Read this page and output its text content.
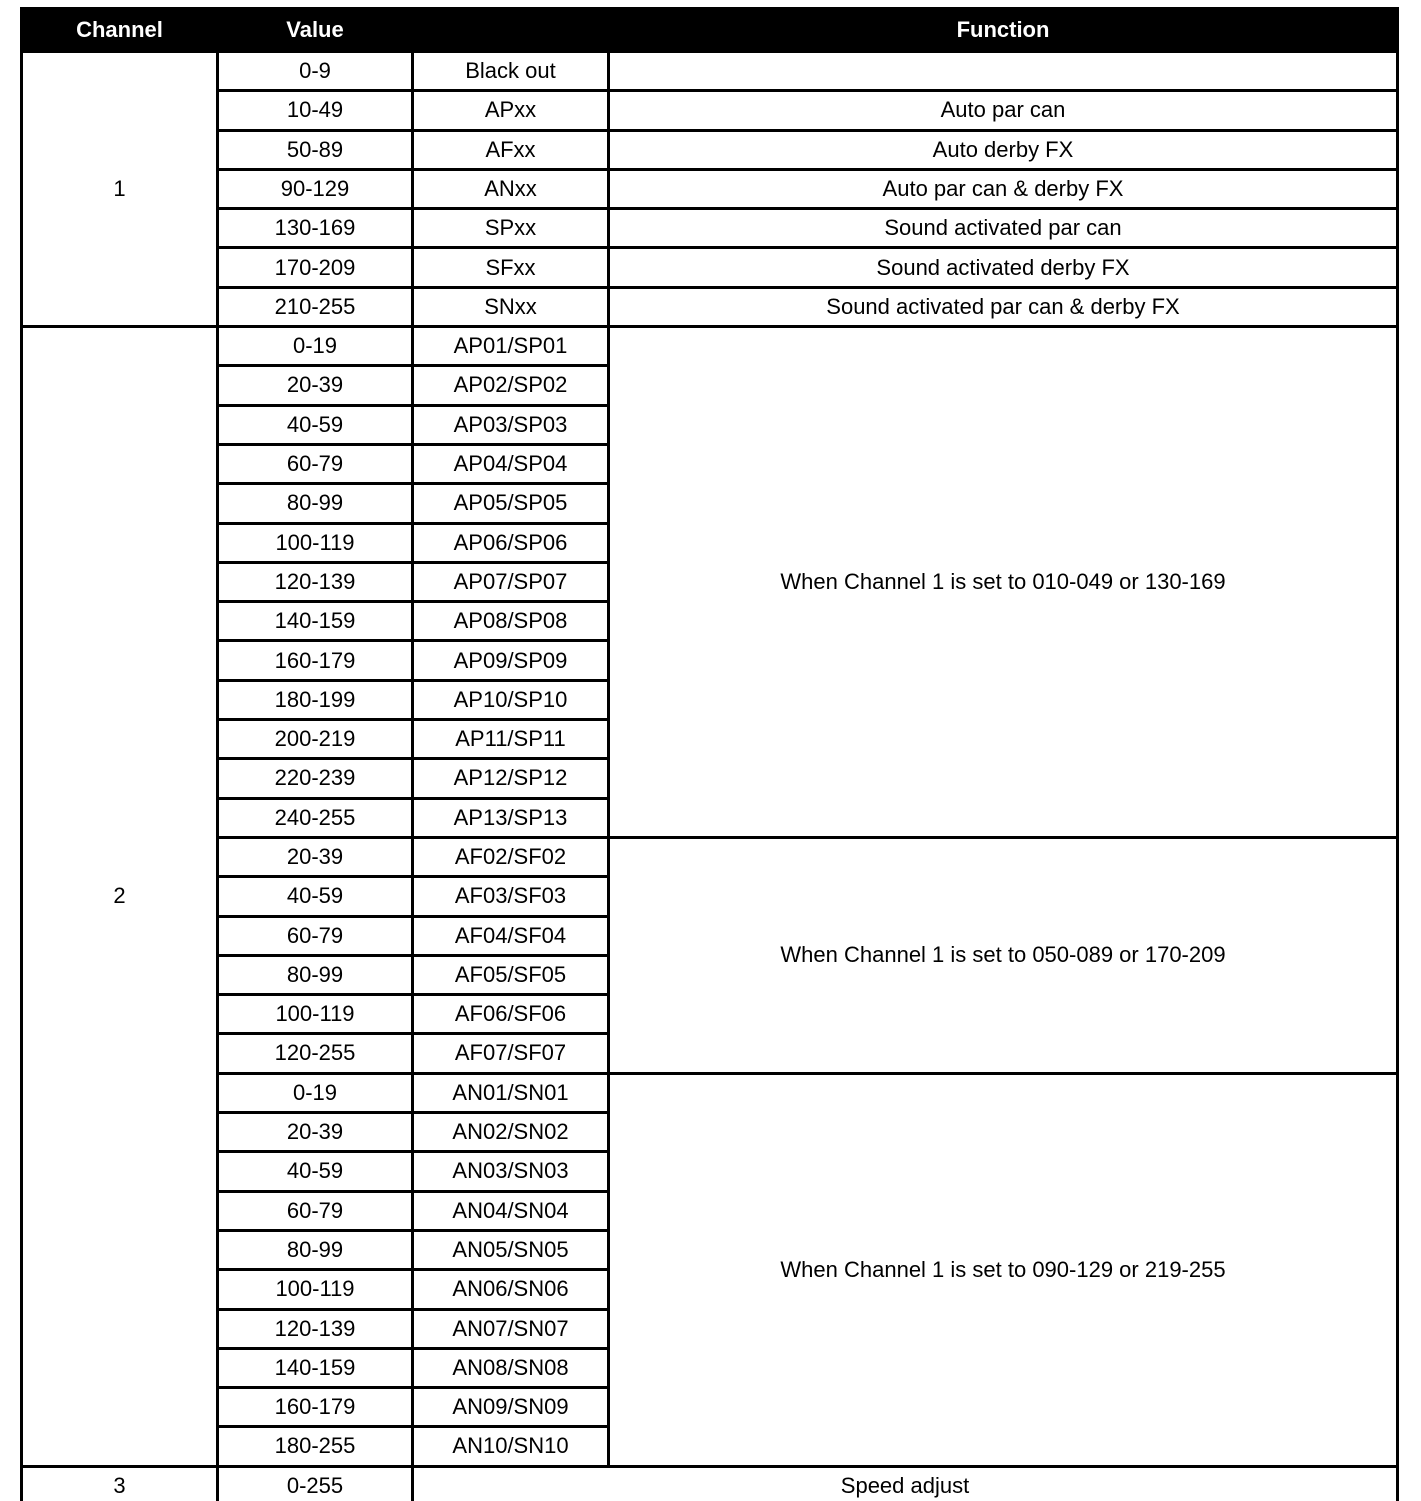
Channel	Value		Function
1	0-9	Black out	
	10-49	APxx	Auto par can
	50-89	AFxx	Auto derby FX
	90-129	ANxx	Auto par can & derby FX
	130-169	SPxx	Sound activated par can
	170-209	SFxx	Sound activated derby FX
	210-255	SNxx	Sound activated par can & derby FX
2	0-19	AP01/SP01	When Channel 1 is set to 010-049 or 130-169
	20-39	AP02/SP02	
	40-59	AP03/SP03	
	60-79	AP04/SP04	
	80-99	AP05/SP05	
	100-119	AP06/SP06	
	120-139	AP07/SP07	
	140-159	AP08/SP08	
	160-179	AP09/SP09	
	180-199	AP10/SP10	
	200-219	AP11/SP11	
	220-239	AP12/SP12	
	240-255	AP13/SP13	
	20-39	AF02/SF02	When Channel 1 is set to 050-089 or 170-209
	40-59	AF03/SF03	
	60-79	AF04/SF04	
	80-99	AF05/SF05	
	100-119	AF06/SF06	
	120-255	AF07/SF07	
	0-19	AN01/SN01	When Channel 1 is set to 090-129 or 219-255
	20-39	AN02/SN02	
	40-59	AN03/SN03	
	60-79	AN04/SN04	
	80-99	AN05/SN05	
	100-119	AN06/SN06	
	120-139	AN07/SN07	
	140-159	AN08/SN08	
	160-179	AN09/SN09	
	180-255	AN10/SN10	
3	0-255	Speed adjust	
